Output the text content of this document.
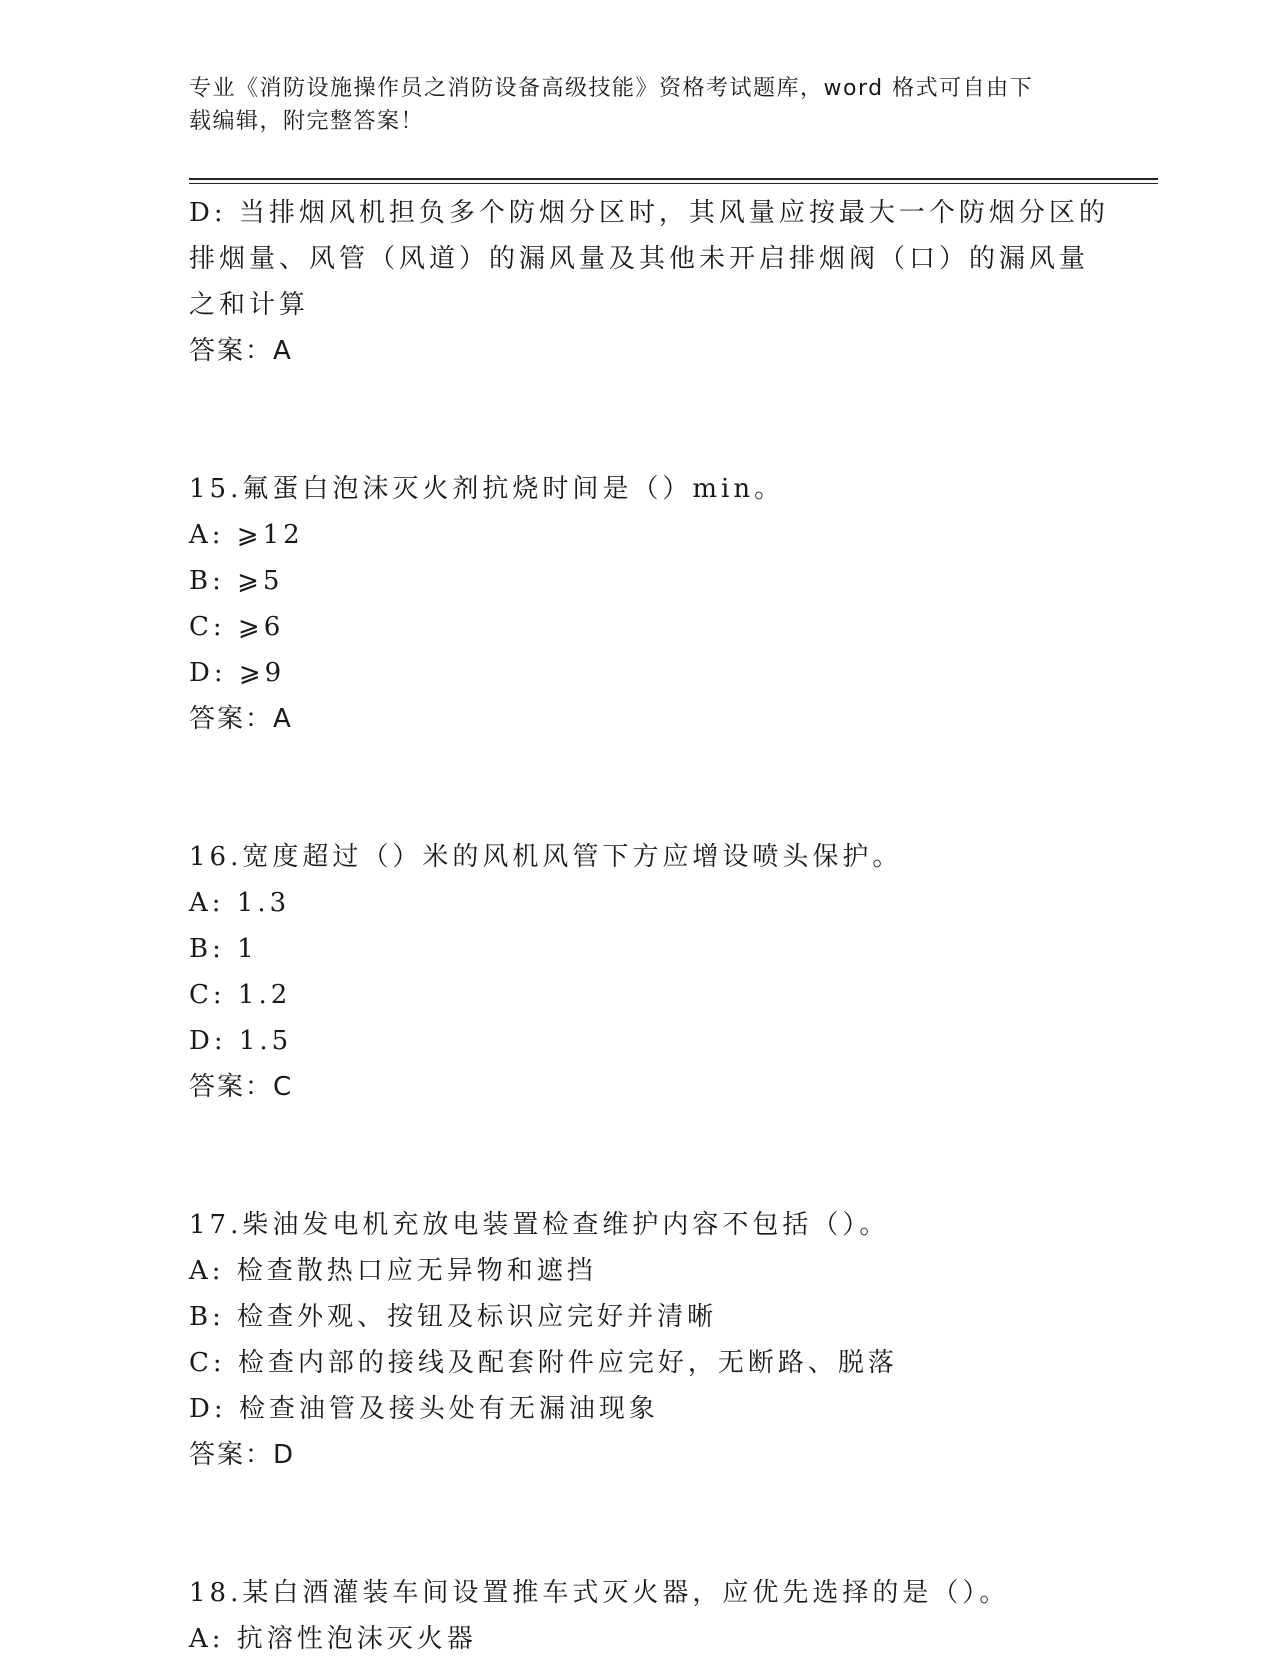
专业《消防设施操作员之消防设备高级技能》资格考试题库，word 格式可自由下
载编辑，附完整答案！
D: 当排烟风机担负多个防烟分区时，其风量应按最大一个防烟分区的
排烟量、风管（风道）的漏风量及其他未开启排烟阀（口）的漏风量
之和计算
答案：A
15.氟蛋白泡沫灭火剂抗烧时间是（）min。
A: ⩾12
B: ⩾5
C: ⩾6
D: ⩾9
答案：A
16.宽度超过（）米的风机风管下方应增设喷头保护。
A: 1.3
B: 1
C: 1.2
D: 1.5
答案：C
17.柴油发电机充放电装置检查维护内容不包括（）。
A: 检查散热口应无异物和遮挡
B: 检查外观、按钮及标识应完好并清晰
C: 检查内部的接线及配套附件应完好，无断路、脱落
D: 检查油管及接头处有无漏油现象
答案：D
18.某白酒灌装车间设置推车式灭火器，应优先选择的是（）。
A: 抗溶性泡沫灭火器
